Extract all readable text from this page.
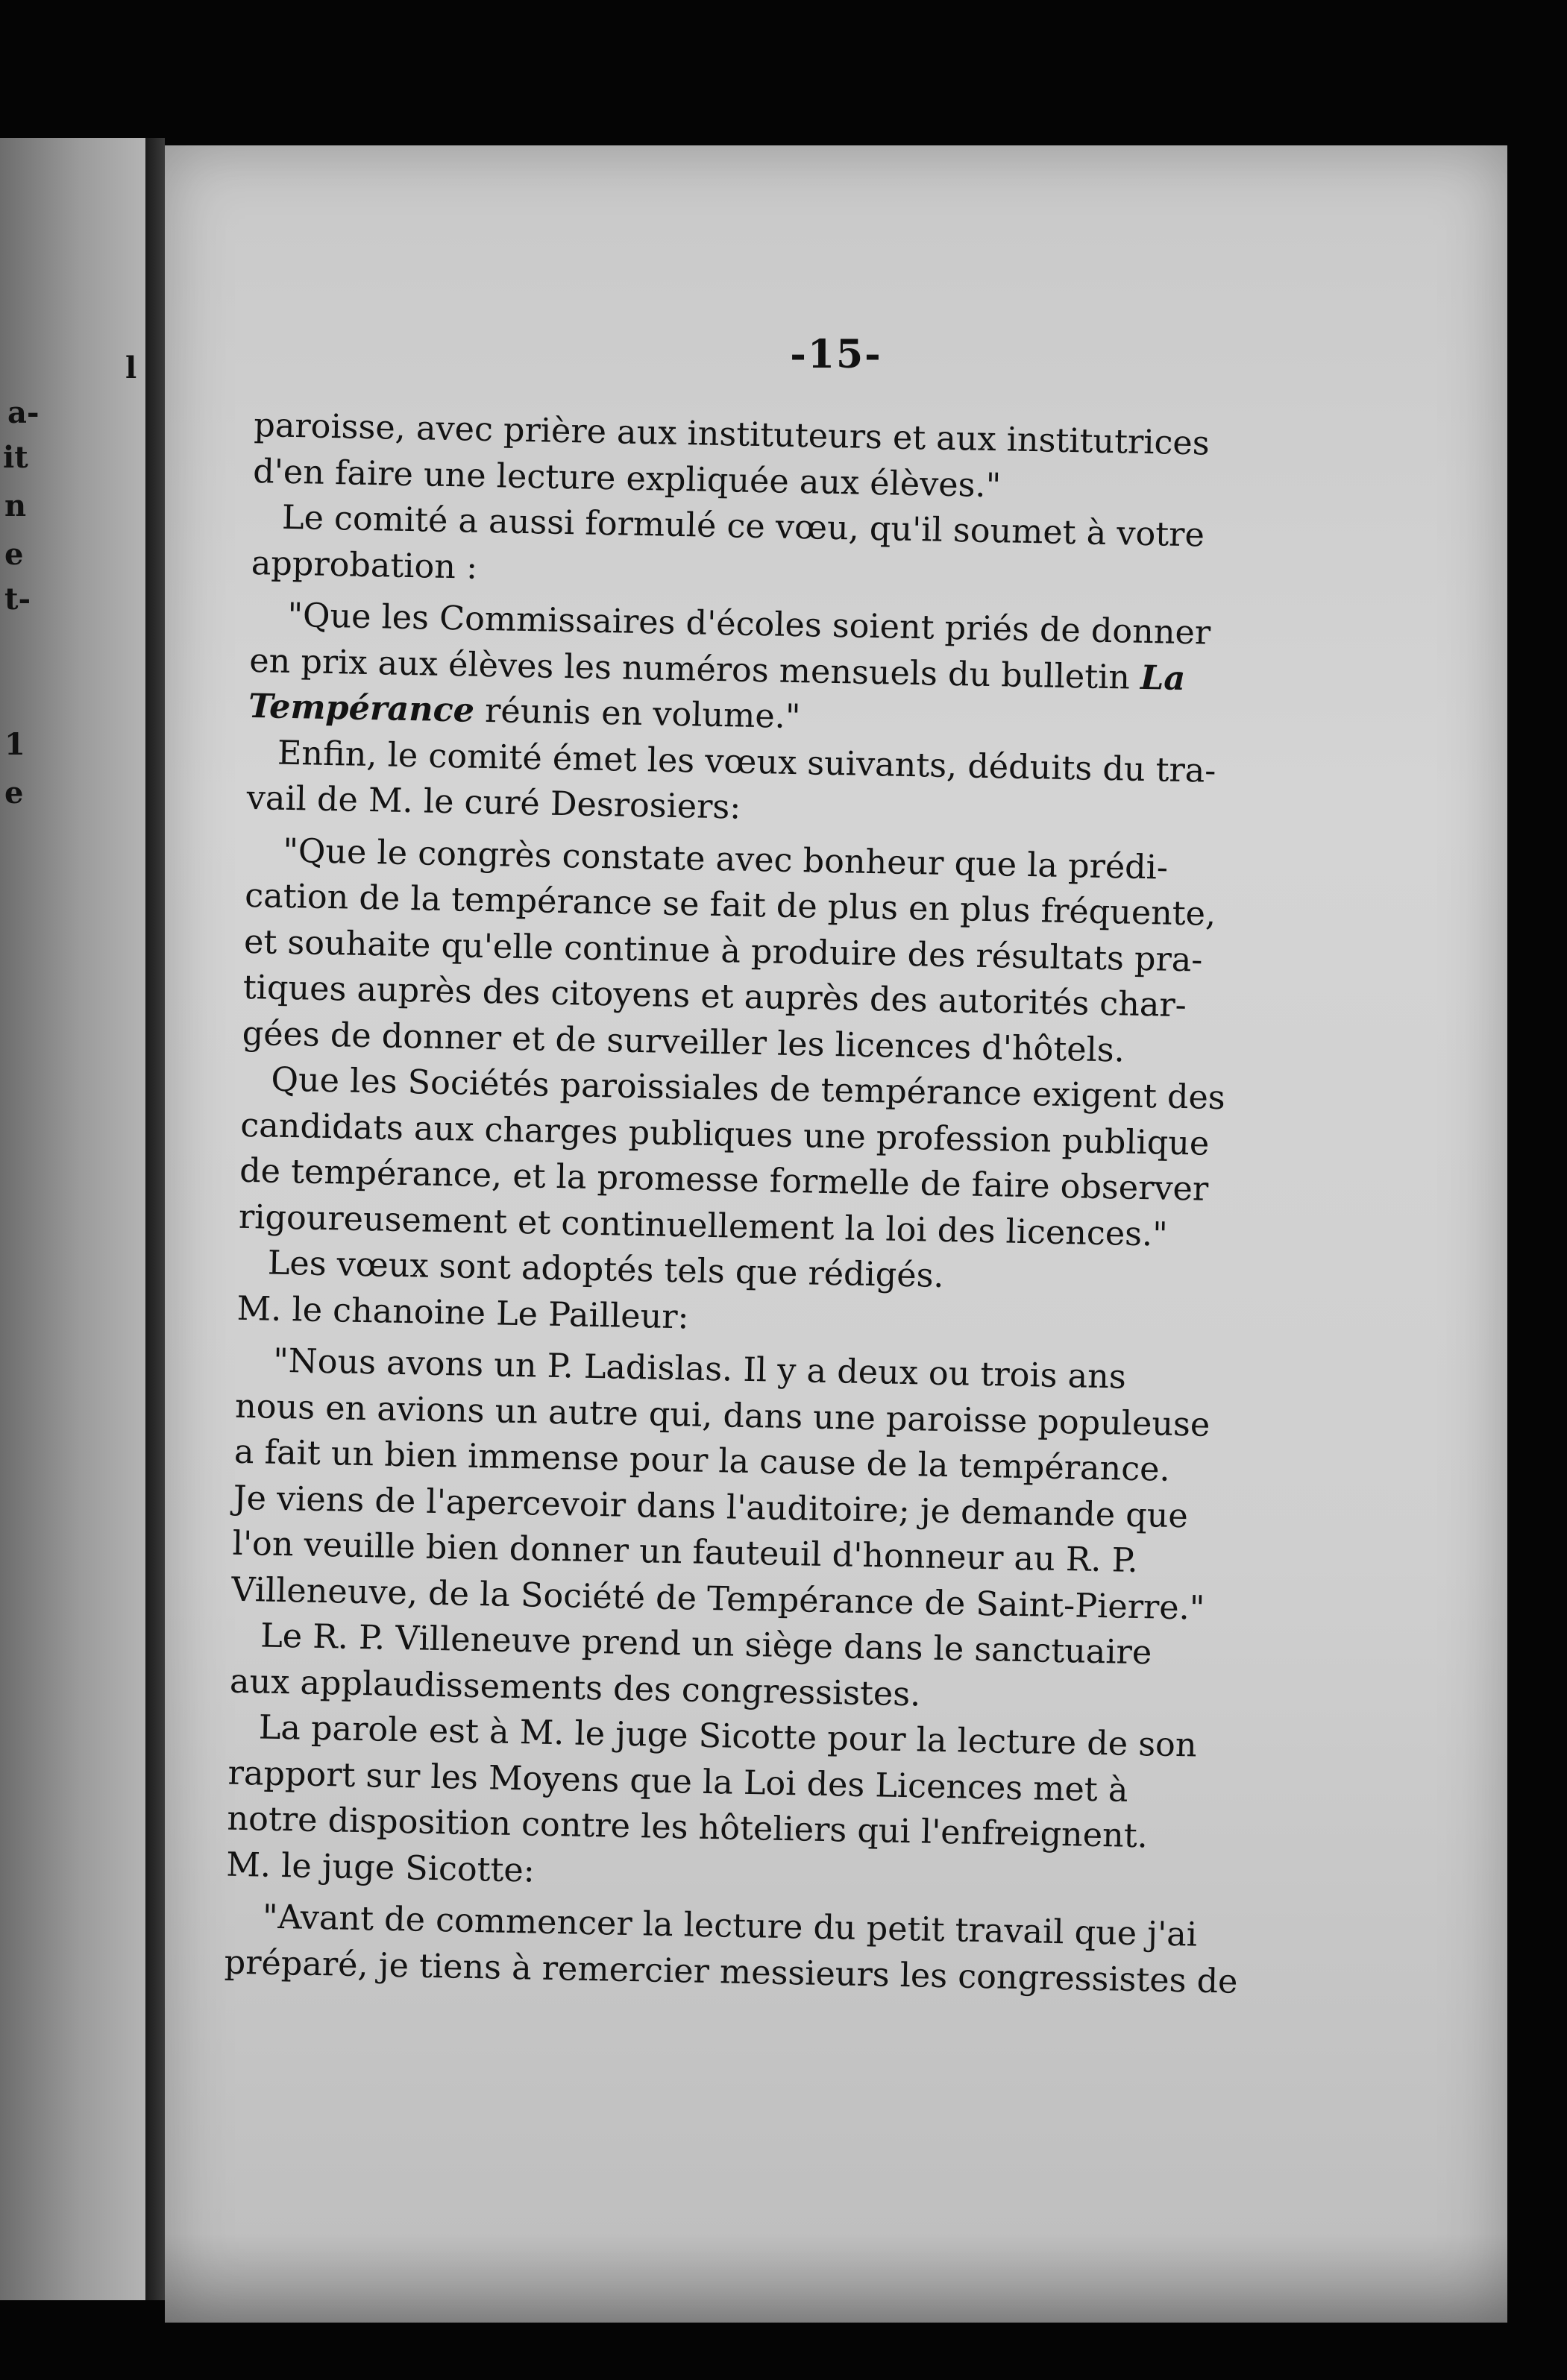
l
a-
it
n
e
t-
1
e
-15-
paroisse, avec prière aux instituteurs et aux institutrices
d'en faire une lecture expliquée aux élèves."
Le comité a aussi formulé ce vœu, qu'il soumet à votre
approbation :
"Que les Commissaires d'écoles soient priés de donner
en prix aux élèves les numéros mensuels du bulletin La
Tempérance réunis en volume."
Enfin, le comité émet les vœux suivants, déduits du tra-
vail de M. le curé Desrosiers:
"Que le congrès constate avec bonheur que la prédi-
cation de la tempérance se fait de plus en plus fréquente,
et souhaite qu'elle continue à produire des résultats pra-
tiques auprès des citoyens et auprès des autorités char-
gées de donner et de surveiller les licences d'hôtels.
Que les Sociétés paroissiales de tempérance exigent des
candidats aux charges publiques une profession publique
de tempérance, et la promesse formelle de faire observer
rigoureusement et continuellement la loi des licences."
Les vœux sont adoptés tels que rédigés.
M. le chanoine Le Pailleur:
"Nous avons un P. Ladislas. Il y a deux ou trois ans
nous en avions un autre qui, dans une paroisse populeuse
a fait un bien immense pour la cause de la tempérance.
Je viens de l'apercevoir dans l'auditoire; je demande que
l'on veuille bien donner un fauteuil d'honneur au R. P.
Villeneuve, de la Société de Tempérance de Saint-Pierre."
Le R. P. Villeneuve prend un siège dans le sanctuaire
aux applaudissements des congressistes.
La parole est à M. le juge Sicotte pour la lecture de son
rapport sur les Moyens que la Loi des Licences met à
notre disposition contre les hôteliers qui l'enfreignent.
M. le juge Sicotte:
"Avant de commencer la lecture du petit travail que j'ai
préparé, je tiens à remercier messieurs les congressistes de
